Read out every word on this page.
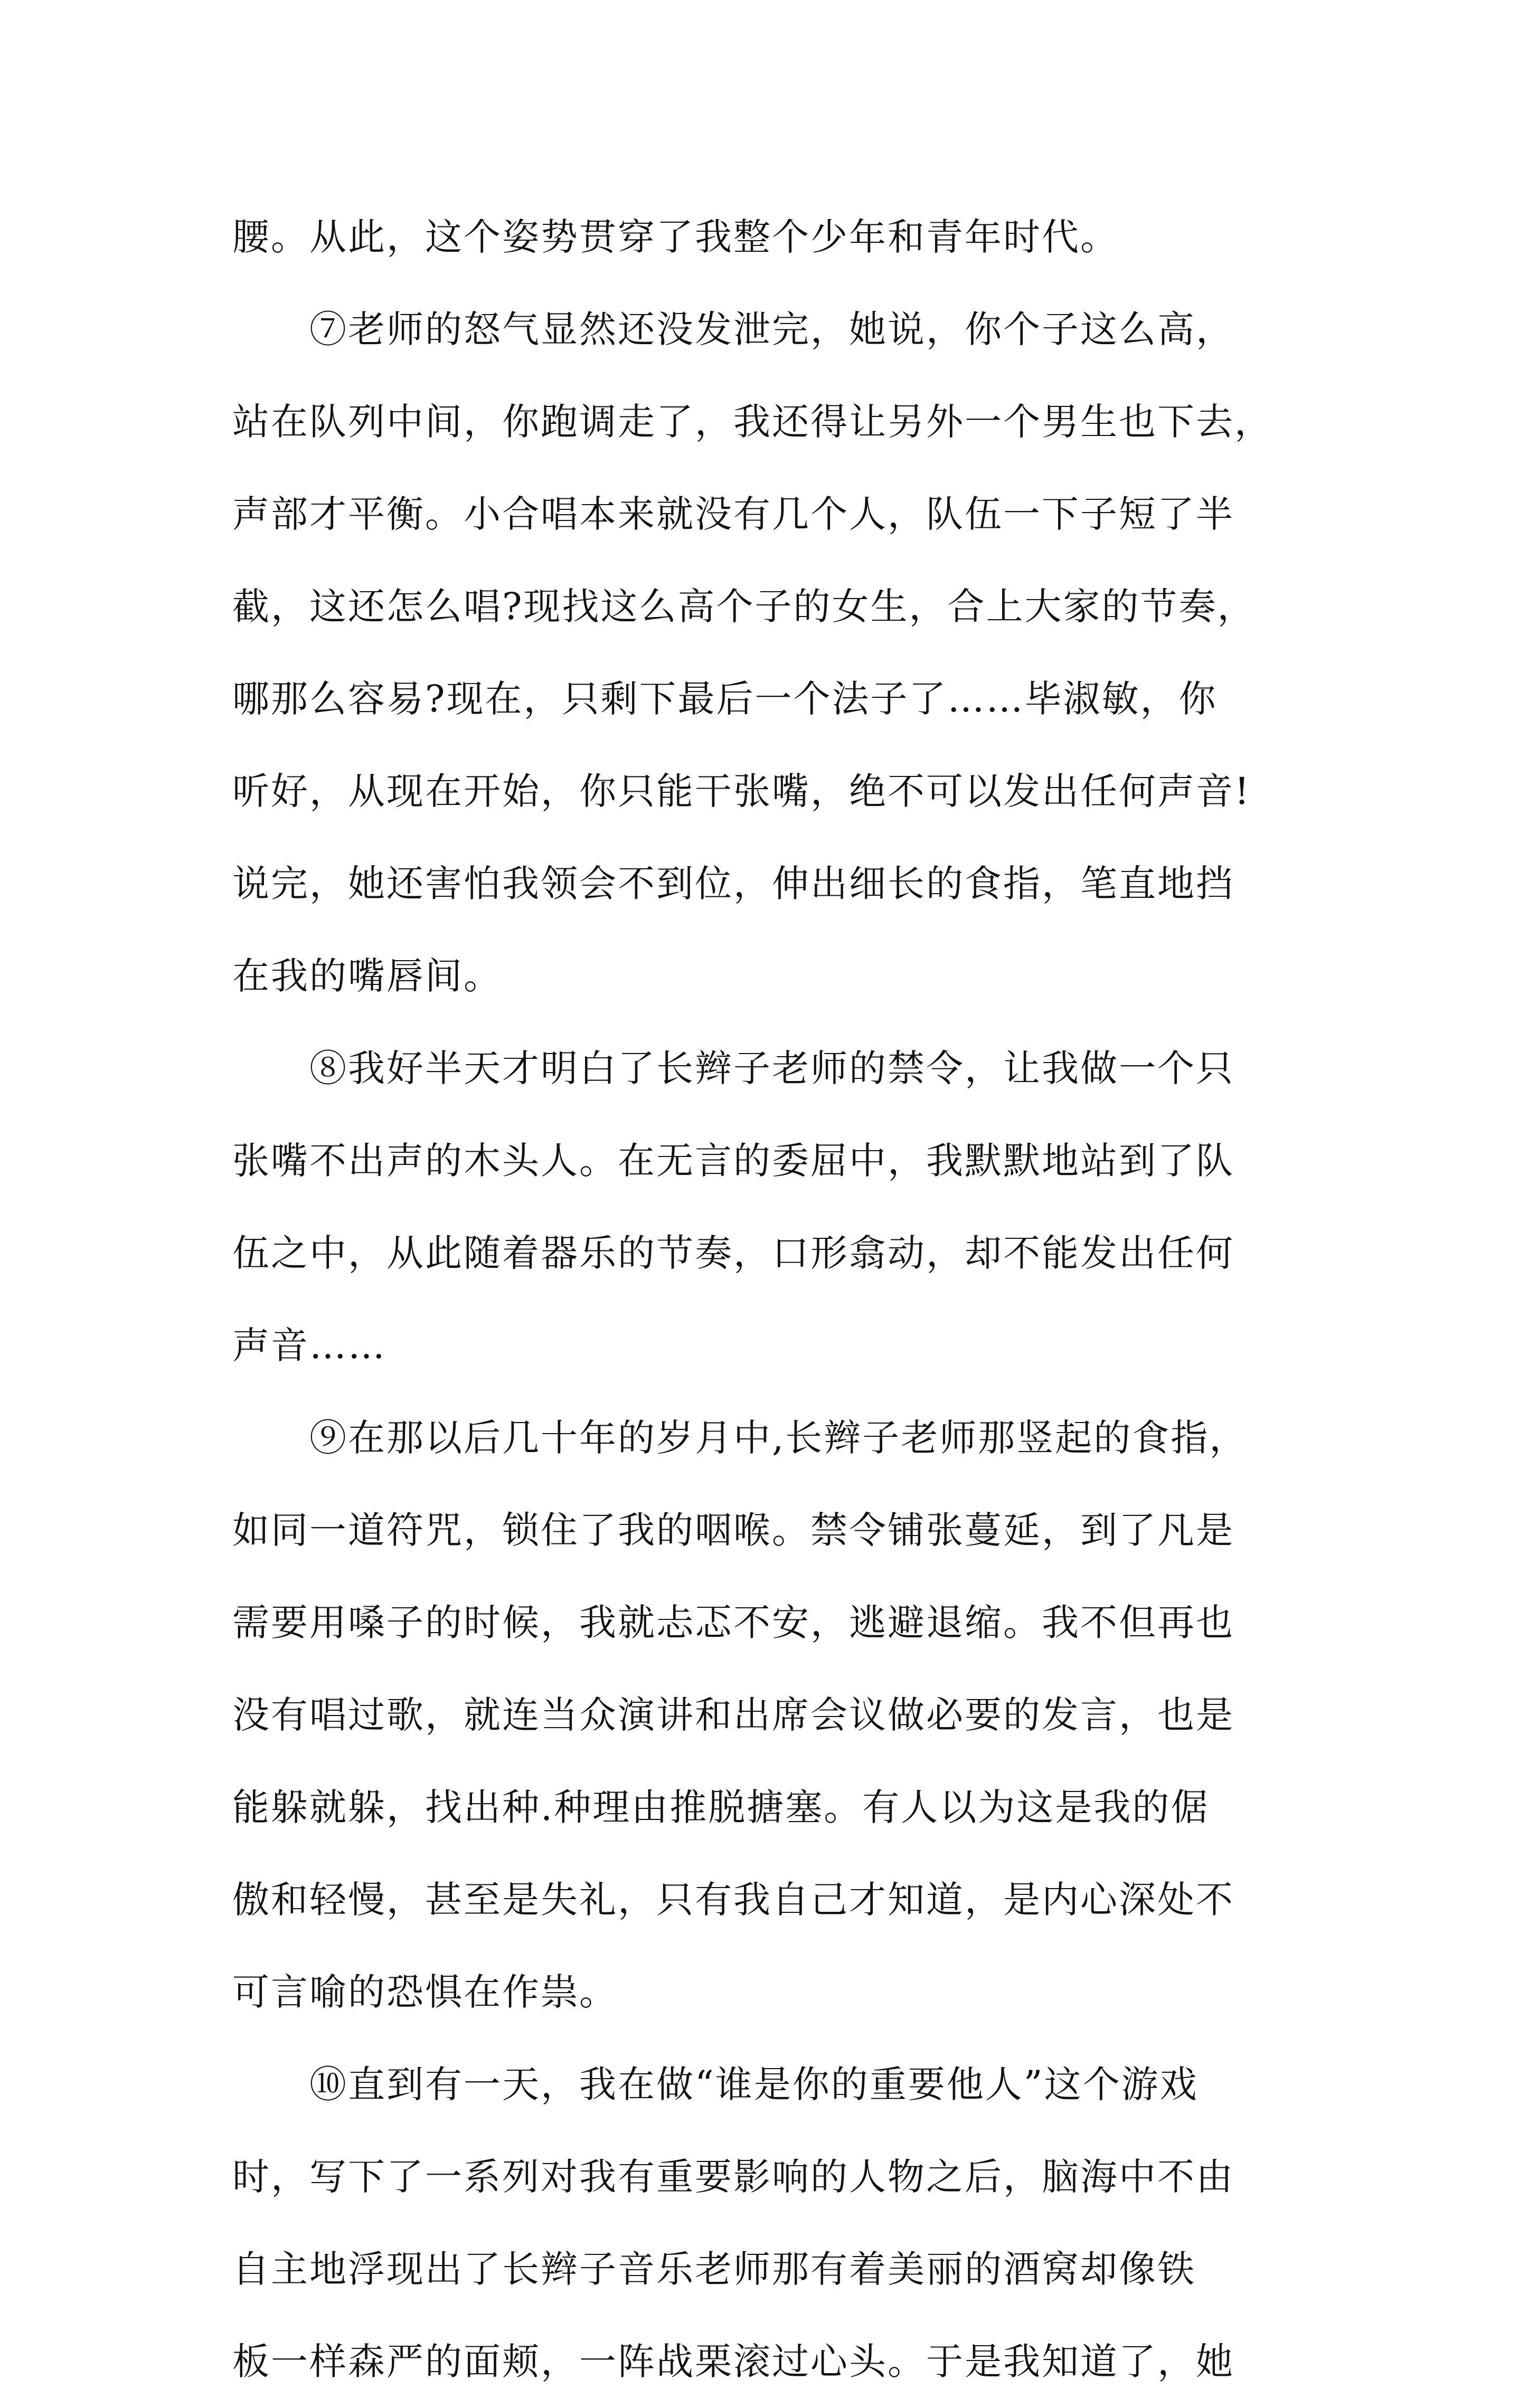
腰。从此，这个姿势贯穿了我整个少年和青年时代。
　　⑦老师的怒气显然还没发泄完，她说，你个子这么高，
站在队列中间，你跑调走了，我还得让另外一个男生也下去，
声部才平衡。小合唱本来就没有几个人，队伍一下子短了半
截，这还怎么唱?现找这么高个子的女生，合上大家的节奏，
哪那么容易?现在，只剩下最后一个法子了……毕淑敏，你
听好，从现在开始，你只能干张嘴，绝不可以发出任何声音!
说完，她还害怕我领会不到位，伸出细长的食指，笔直地挡
在我的嘴唇间。
　　⑧我好半天才明白了长辫子老师的禁令，让我做一个只
张嘴不出声的木头人。在无言的委屈中，我默默地站到了队
伍之中，从此随着器乐的节奏，口形翕动，却不能发出任何
声音……
　　⑨在那以后几十年的岁月中,长辫子老师那竖起的食指，
如同一道符咒，锁住了我的咽喉。禁令铺张蔓延，到了凡是
需要用嗓子的时候，我就忐忑不安，逃避退缩。我不但再也
没有唱过歌，就连当众演讲和出席会议做必要的发言，也是
能躲就躲，找出种.种理由推脱搪塞。有人以为这是我的倨
傲和轻慢，甚至是失礼，只有我自己才知道，是内心深处不
可言喻的恐惧在作祟。
　　⑩直到有一天，我在做“谁是你的重要他人”这个游戏
时，写下了一系列对我有重要影响的人物之后，脑海中不由
自主地浮现出了长辫子音乐老师那有着美丽的酒窝却像铁
板一样森严的面颊，一阵战栗滚过心头。于是我知道了，她
